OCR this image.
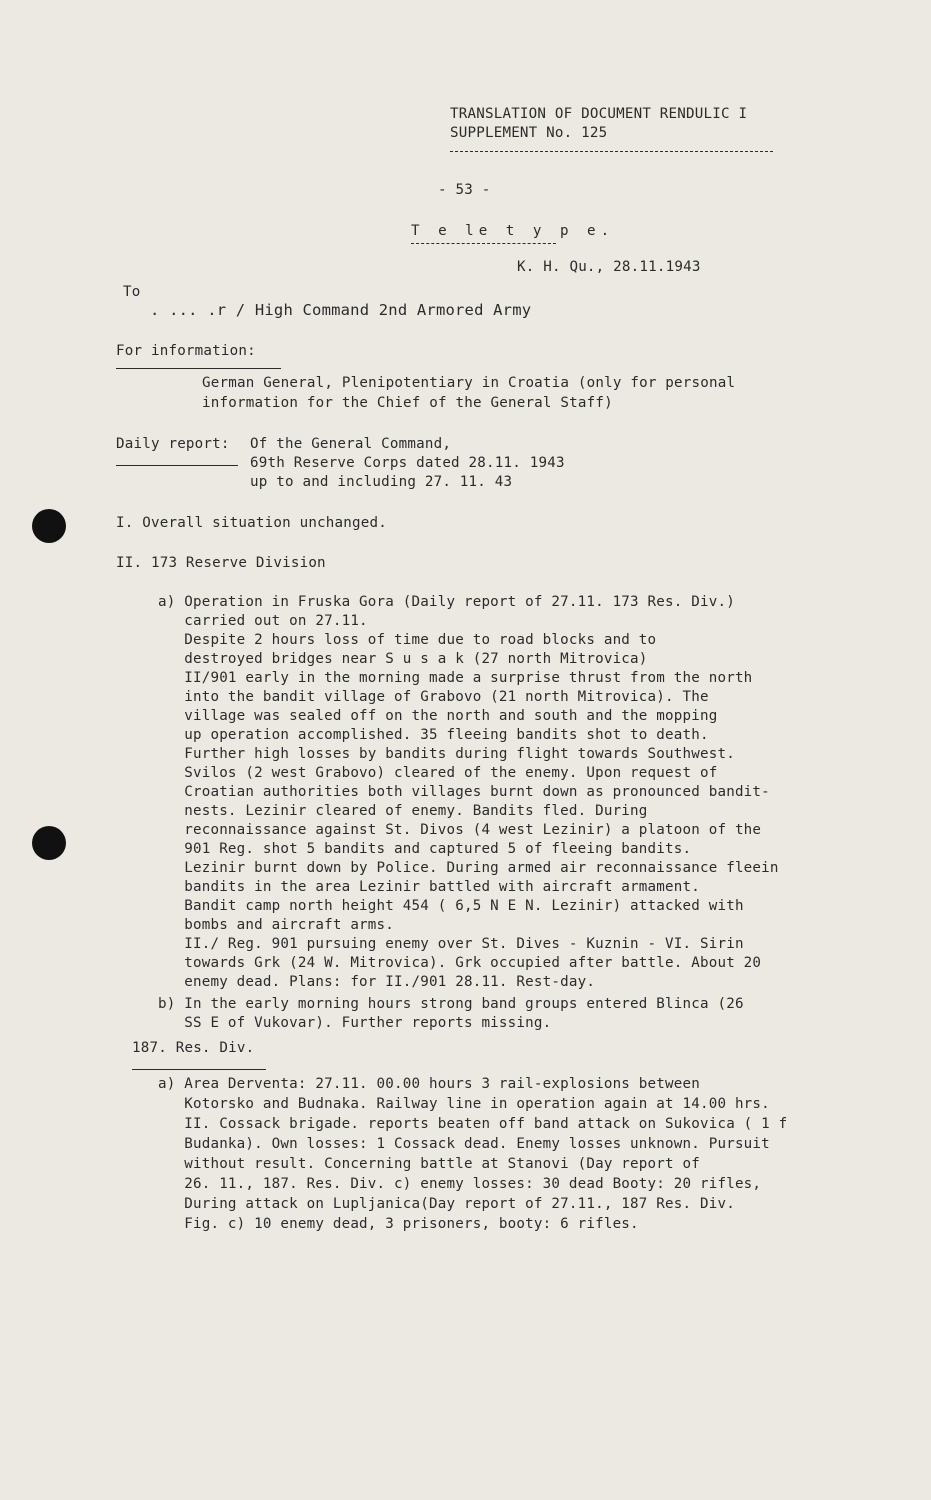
TRANSLATION OF DOCUMENT RENDULIC I
SUPPLEMENT No. 125
- 53 -
T e le t y p e.
K. H. Qu., 28.11.1943
To
. ... .r / High Command 2nd Armored Army
For information:
German General, Plenipotentiary in Croatia (only for personal
information for the Chief of the General Staff)
Daily report: Of the General Command,
69th Reserve Corps dated 28.11. 1943
up to and including 27. 11. 43
I. Overall situation unchanged.
II. 173 Reserve Division
a) Operation in Fruska Gora (Daily report of 27.11. 173 Res. Div.)
carried out on 27.11.
Despite 2 hours loss of time due to road blocks and to
destroyed bridges near S u s a k (27 north Mitrovica)
II/901 early in the morning made a surprise thrust from the north
into the bandit village of Grabovo (21 north Mitrovica). The
village was sealed off on the north and south and the mopping
up operation accomplished. 35 fleeing bandits shot to death.
Further high losses by bandits during flight towards Southwest.
Svilos (2 west Grabovo) cleared of the enemy. Upon request of
Croatian authorities both villages burnt down as pronounced bandit-
nests. Lezinir cleared of enemy. Bandits fled. During
reconnaissance against St. Divos (4 west Lezinir) a platoon of the
901 Reg. shot 5 bandits and captured 5 of fleeing bandits.
Lezinir burnt down by Police. During armed air reconnaissance fleein
bandits in the area Lezinir battled with aircraft armament.
Bandit camp north height 454 ( 6,5 N E N. Lezinir) attacked with
bombs and aircraft arms.
II./ Reg. 901 pursuing enemy over St. Dives - Kuznin - VI. Sirin
towards Grk (24 W. Mitrovica). Grk occupied after battle. About 20
enemy dead. Plans: for II./901 28.11. Rest-day.
b) In the early morning hours strong band groups entered Blinca (26
SS E of Vukovar). Further reports missing.
187. Res. Div.
a) Area Derventa: 27.11. 00.00 hours 3 rail-explosions between
Kotorsko and Budnaka. Railway line in operation again at 14.00 hrs.
II. Cossack brigade. reports beaten off band attack on Sukovica ( 1 f
Budanka). Own losses: 1 Cossack dead. Enemy losses unknown. Pursuit
without result. Concerning battle at Stanovi (Day report of
26. 11., 187. Res. Div. c) enemy losses: 30 dead Booty: 20 rifles,
During attack on Lupljanica(Day report of 27.11., 187 Res. Div.
Fig. c) 10 enemy dead, 3 prisoners, booty: 6 rifles.
